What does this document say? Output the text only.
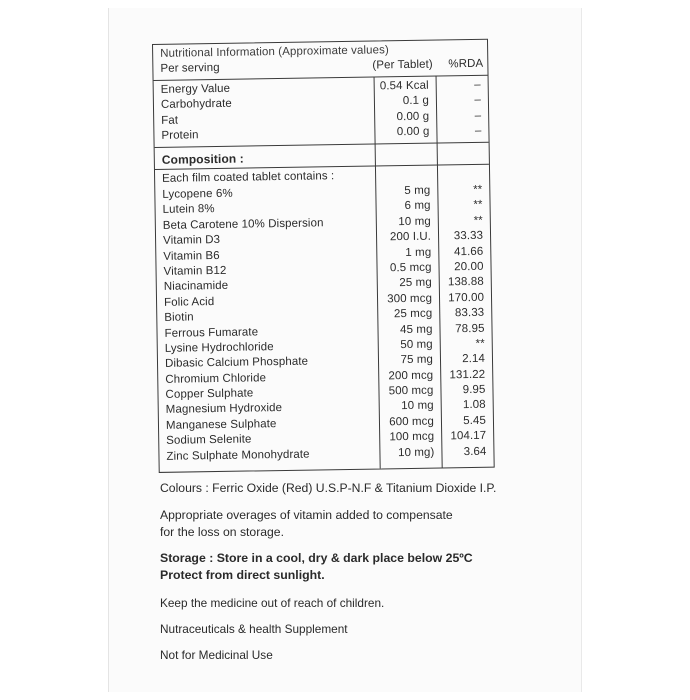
Nutritional Information (Approximate values)
Per serving	(Per Tablet) %RDA
Energy Value	0.54 Kcal	–
Carbohydrate	0.1 g	–
Fat	0.00 g	–
Protein	0.00 g	–
Composition :
Each film coated tablet contains :
Lycopene 6%	5 mg	**
Lutein 8%	6 mg	**
Beta Carotene 10% Dispersion	10 mg	**
Vitamin D3	200 I.U. 33.33
Vitamin B6	1 mg 41.66
Vitamin B12	0.5 mcg 20.00
Niacinamide	25 mg 138.88
Folic Acid	300 mcg 170.00
Biotin	25 mcg 83.33
Ferrous Fumarate	45 mg 78.95
Lysine Hydrochloride	50 mg	**
Dibasic Calcium Phosphate	75 mg	2.14
Chromium Chloride	200 mcg 131.22
Copper Sulphate	500 mcg	9.95
Magnesium Hydroxide	10 mg	1.08
Manganese Sulphate	600 mcg	5.45
Sodium Selenite	100 mcg 104.17
Zinc Sulphate Monohydrate	10 mg)	3.64

Colours : Ferric Oxide (Red) U.S.P-N.F & Titanium Dioxide I.P.

Appropriate overages of vitamin added to compensate

for the loss on storage.

Storage : Store in a cool, dry & dark place below 25ºC
Protect from direct sunlight.

Keep the medicine out of reach of children.

Nutraceuticals & health Supplement

Not for Medicinal Use
